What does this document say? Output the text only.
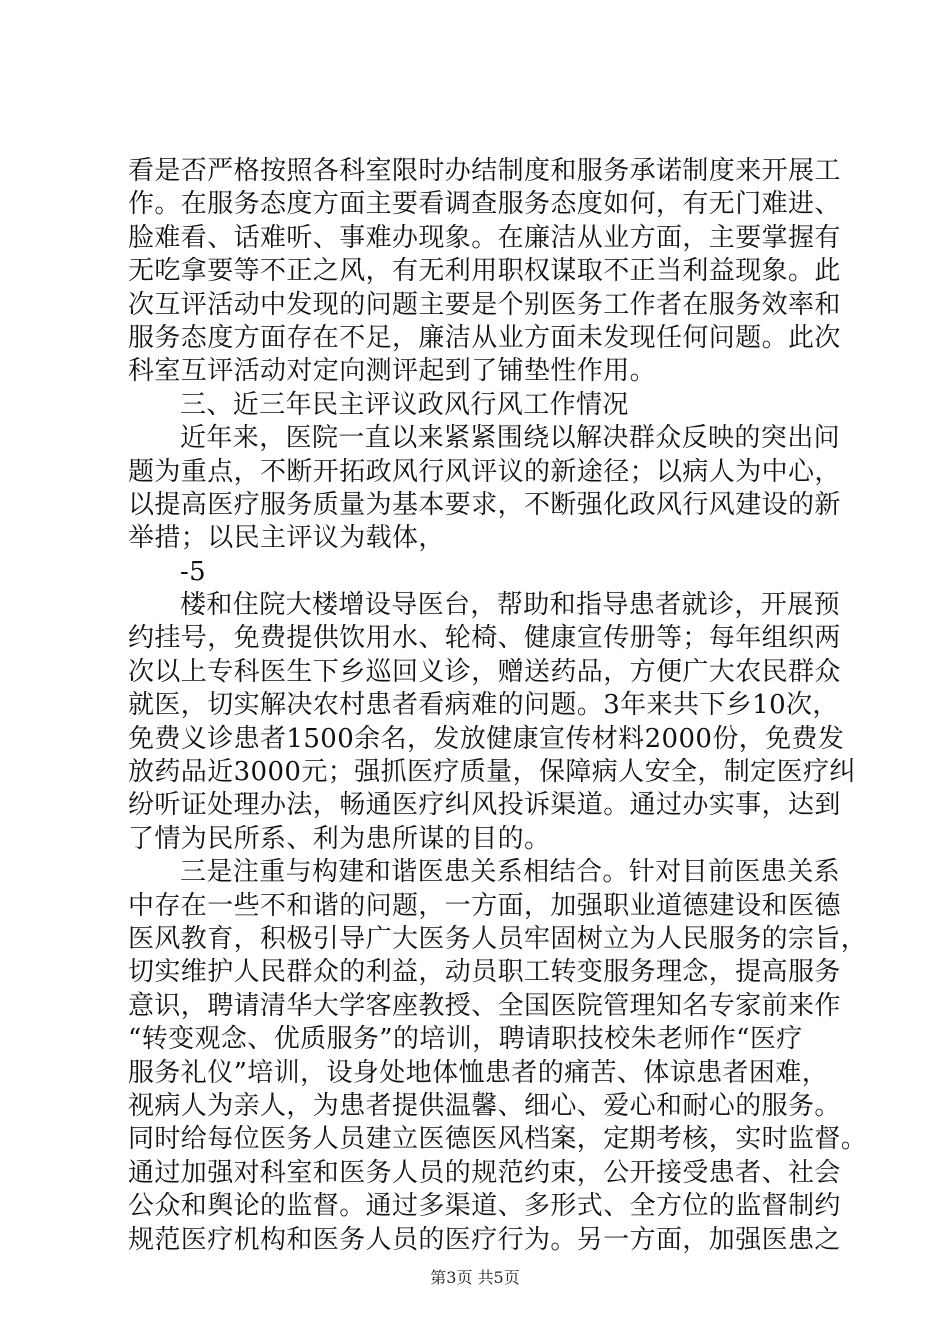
看是否严格按照各科室限时办结制度和服务承诺制度来开展工
作。在服务态度方面主要看调查服务态度如何，有无门难进、
脸难看、话难听、事难办现象。在廉洁从业方面，主要掌握有
无吃拿要等不正之风，有无利用职权谋取不正当利益现象。此
次互评活动中发现的问题主要是个别医务工作者在服务效率和
服务态度方面存在不足，廉洁从业方面未发现任何问题。此次
科室互评活动对定向测评起到了铺垫性作用。
三、近三年民主评议政风行风工作情况
近年来，医院一直以来紧紧围绕以解决群众反映的突出问
题为重点，不断开拓政风行风评议的新途径；以病人为中心，
以提高医疗服务质量为基本要求，不断强化政风行风建设的新
举措；以民主评议为载体，
-5
楼和住院大楼增设导医台，帮助和指导患者就诊，开展预
约挂号，免费提供饮用水、轮椅、健康宣传册等；每年组织两
次以上专科医生下乡巡回义诊，赠送药品，方便广大农民群众
就医，切实解决农村患者看病难的问题。3年来共下乡10次，
免费义诊患者1500余名，发放健康宣传材料2000份，免费发
放药品近3000元；强抓医疗质量，保障病人安全，制定医疗纠
纷听证处理办法，畅通医疗纠风投诉渠道。通过办实事，达到
了情为民所系、利为患所谋的目的。
三是注重与构建和谐医患关系相结合。针对目前医患关系
中存在一些不和谐的问题，一方面，加强职业道德建设和医德
医风教育，积极引导广大医务人员牢固树立为人民服务的宗旨，
切实维护人民群众的利益，动员职工转变服务理念，提高服务
意识，聘请清华大学客座教授、全国医院管理知名专家前来作
“转变观念、优质服务”的培训，聘请职技校朱老师作“医疗
服务礼仪”培训，设身处地体恤患者的痛苦、体谅患者困难，
视病人为亲人，为患者提供温馨、细心、爱心和耐心的服务。
同时给每位医务人员建立医德医风档案，定期考核，实时监督。
通过加强对科室和医务人员的规范约束，公开接受患者、社会
公众和舆论的监督。通过多渠道、多形式、全方位的监督制约
规范医疗机构和医务人员的医疗行为。另一方面，加强医患之
第3页 共5页
